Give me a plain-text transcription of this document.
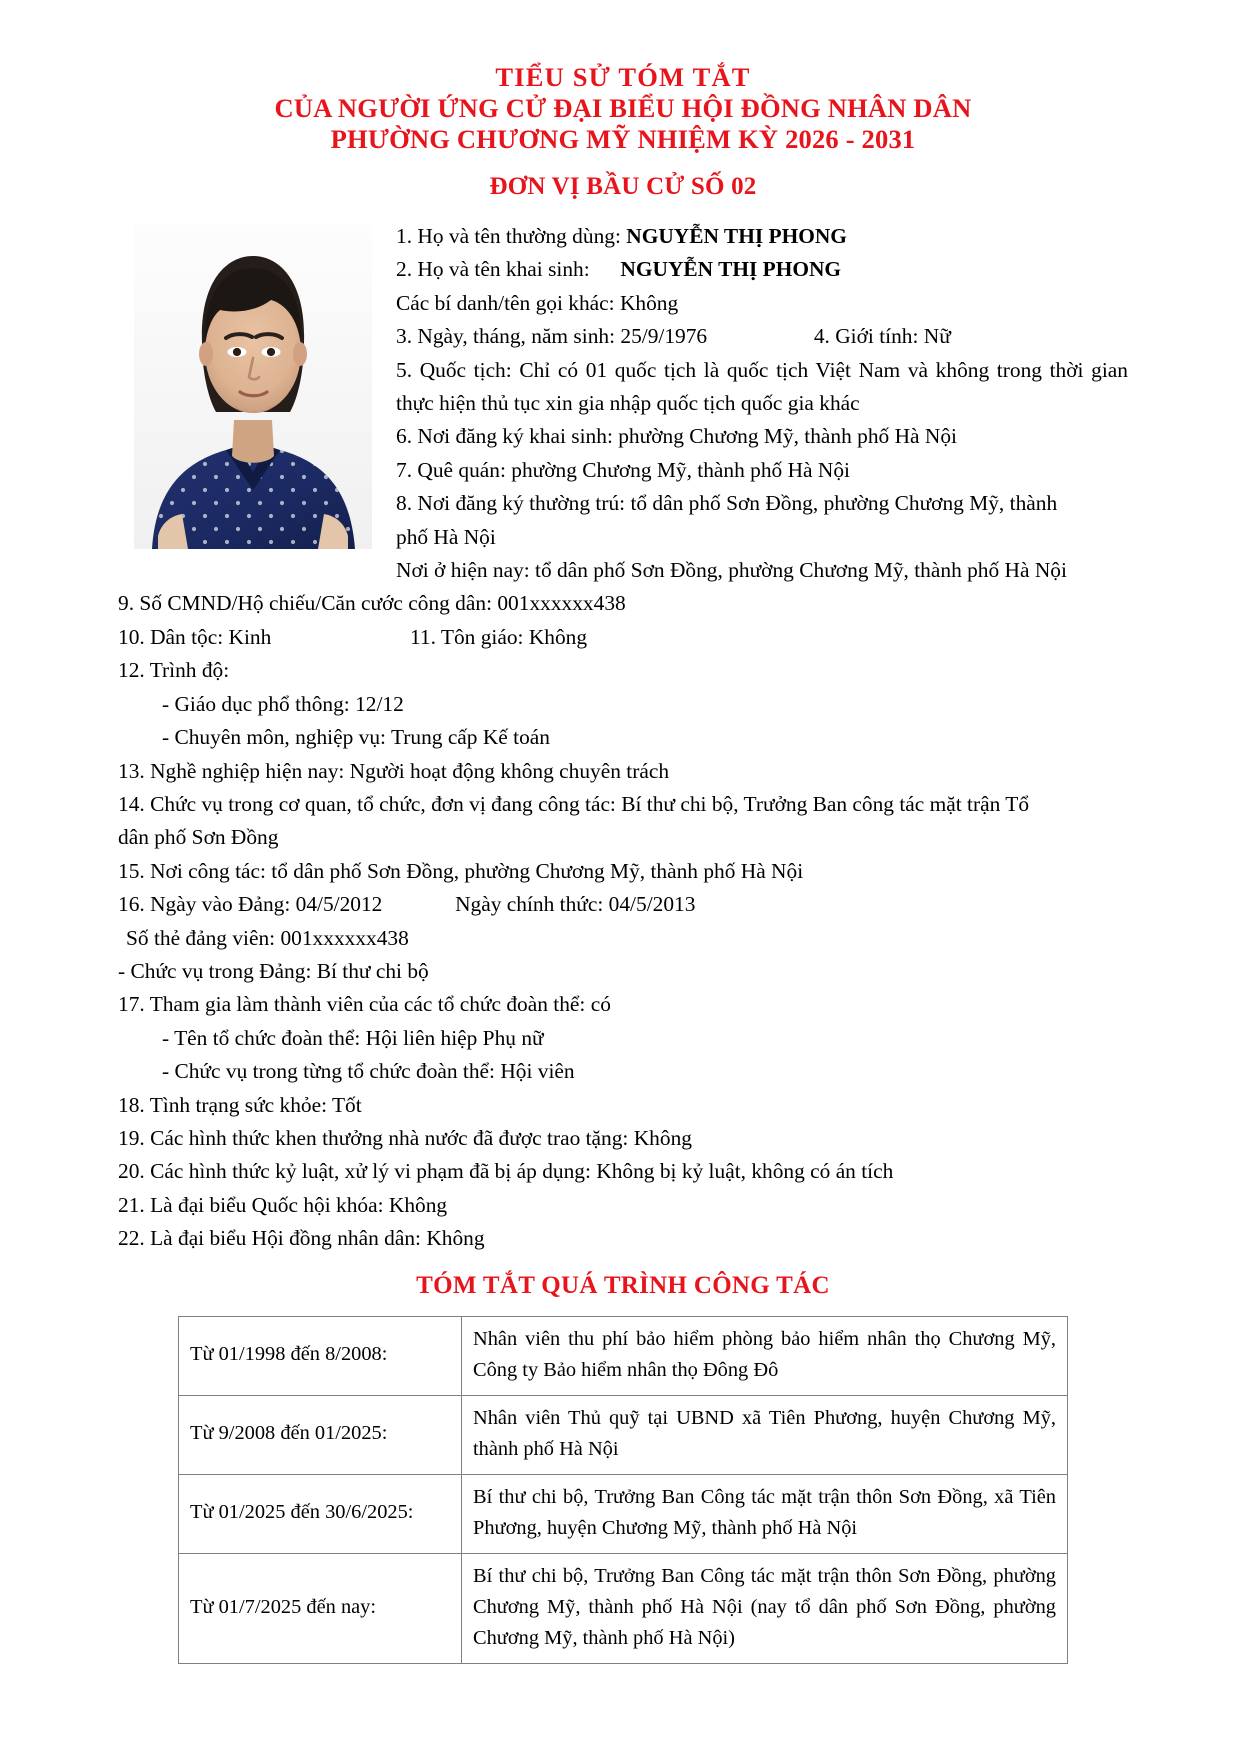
TIỂU SỬ TÓM TẮT
CỦA NGƯỜI ỨNG CỬ ĐẠI BIỂU HỘI ĐỒNG NHÂN DÂN
PHƯỜNG CHƯƠNG MỸ NHIỆM KỲ 2026 - 2031
ĐƠN VỊ BẦU CỬ SỐ 02

1. Họ và tên thường dùng: NGUYỄN THỊ PHONG

2. Họ và tên khai sinh: NGUYỄN THỊ PHONG

Các bí danh/tên gọi khác: Không

3. Ngày, tháng, năm sinh: 25/9/1976	4. Giới tính: Nữ

5. Quốc tịch: Chỉ có 01 quốc tịch là quốc tịch Việt Nam và không trong thời gian thực hiện thủ tục xin gia nhập quốc tịch quốc gia khác

6. Nơi đăng ký khai sinh: phường Chương Mỹ, thành phố Hà Nội

7. Quê quán: phường Chương Mỹ, thành phố Hà Nội

8. Nơi đăng ký thường trú: tổ dân phố Sơn Đồng, phường Chương Mỹ, thành

phố Hà Nội

Nơi ở hiện nay: tổ dân phố Sơn Đồng, phường Chương Mỹ, thành phố Hà Nội

9. Số CMND/Hộ chiếu/Căn cước công dân: 001xxxxxx438

10. Dân tộc: Kinh	11. Tôn giáo: Không

12. Trình độ:

- Giáo dục phổ thông: 12/12

- Chuyên môn, nghiệp vụ: Trung cấp Kế toán

13. Nghề nghiệp hiện nay: Người hoạt động không chuyên trách

14. Chức vụ trong cơ quan, tổ chức, đơn vị đang công tác: Bí thư chi bộ, Trưởng Ban công tác mặt trận Tổ

dân phố Sơn Đồng

15. Nơi công tác: tổ dân phố Sơn Đồng, phường Chương Mỹ, thành phố Hà Nội

16. Ngày vào Đảng: 04/5/2012	Ngày chính thức: 04/5/2013

Số thẻ đảng viên: 001xxxxxx438

- Chức vụ trong Đảng: Bí thư chi bộ

17. Tham gia làm thành viên của các tổ chức đoàn thể: có

- Tên tổ chức đoàn thể: Hội liên hiệp Phụ nữ

- Chức vụ trong từng tổ chức đoàn thể: Hội viên

18. Tình trạng sức khỏe: Tốt

19. Các hình thức khen thưởng nhà nước đã được trao tặng: Không

20. Các hình thức kỷ luật, xử lý vi phạm đã bị áp dụng: Không bị kỷ luật, không có án tích

21. Là đại biểu Quốc hội khóa: Không

22. Là đại biểu Hội đồng nhân dân: Không

TÓM TẮT QUÁ TRÌNH CÔNG TÁC
Từ 01/1998 đến 8/2008:	Nhân viên thu phí bảo hiểm phòng bảo hiểm nhân thọ Chương Mỹ, Công ty Bảo hiểm nhân thọ Đông Đô
Từ 9/2008 đến 01/2025:	Nhân viên Thủ quỹ tại UBND xã Tiên Phương, huyện Chương Mỹ, thành phố Hà Nội
Từ 01/2025 đến 30/6/2025:	Bí thư chi bộ, Trưởng Ban Công tác mặt trận thôn Sơn Đồng, xã Tiên Phương, huyện Chương Mỹ, thành phố Hà Nội
Từ 01/7/2025 đến nay:	Bí thư chi bộ, Trưởng Ban Công tác mặt trận thôn Sơn Đồng, phường Chương Mỹ, thành phố Hà Nội (nay tổ dân phố Sơn Đồng, phường Chương Mỹ, thành phố Hà Nội)
